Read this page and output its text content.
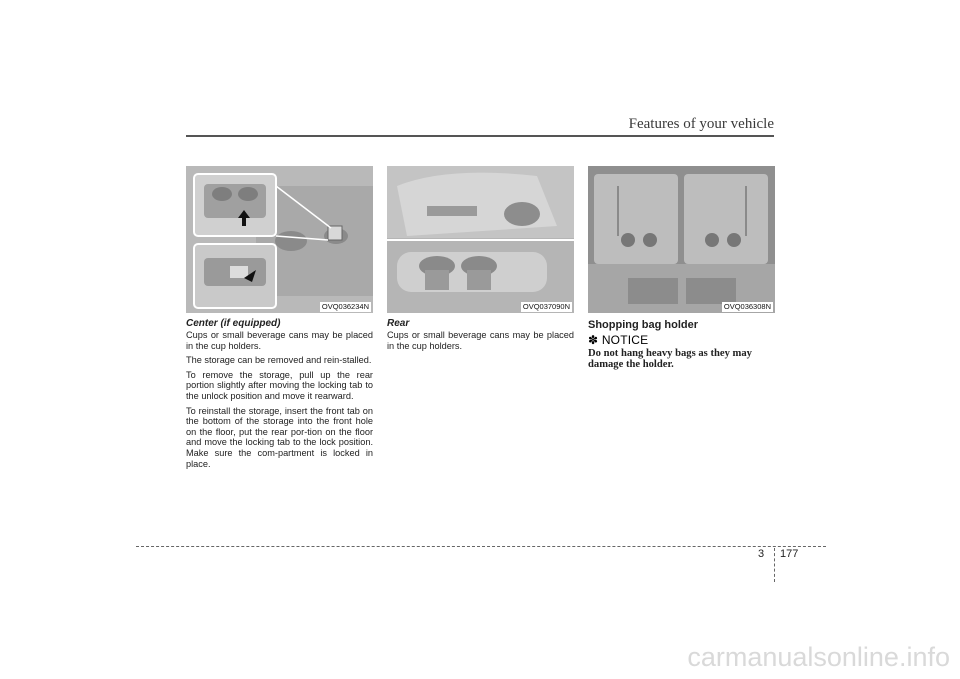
Features of your vehicle
OVQ036234N
Center (if equipped)

Cups or small beverage cans may be placed in the cup holders.

The storage can be removed and rein-stalled.

To remove the storage, pull up the rear portion slightly after moving the locking tab to the unlock position and move it rearward.

To reinstall the storage, insert the front tab on the bottom of the storage into the front hole on the floor, put the rear por-tion on the floor and move the locking tab to the lock position. Make sure the com-partment is locked in place.

OVQ037090N
Rear

Cups or small beverage cans may be placed in the cup holders.

OVQ036308N
Shopping bag holder
✽ NOTICE
Do not hang heavy bags as they may damage the holder.
3 177
carmanualsonline.info
